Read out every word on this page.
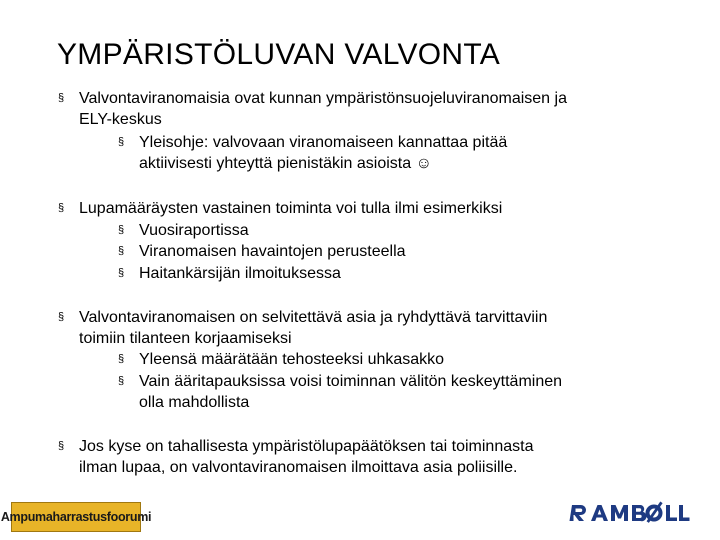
YMPÄRISTÖLUVAN VALVONTA
§ Valvontaviranomaisia ovat kunnan ympäristönsuojeluviranomaisen ja
ELY-keskus
§ Yleisohje: valvovaan viranomaiseen kannattaa pitää
aktiivisesti yhteyttä pienistäkin asioista ☺
§ Lupamääräysten vastainen toiminta voi tulla ilmi esimerkiksi
§ Vuosiraportissa
§ Viranomaisen havaintojen perusteella
§ Haitankärsijän ilmoituksessa
§ Valvontaviranomaisen on selvitettävä asia ja ryhdyttävä tarvittaviin
toimiin tilanteen korjaamiseksi
§ Yleensä määrätään tehosteeksi uhkasakko
§ Vain ääritapauksissa voisi toiminnan välitön keskeyttäminen
olla mahdollista
§ Jos kyse on tahallisesta ympäristölupapäätöksen tai toiminnasta
ilman lupaa, on valvontaviranomaisen ilmoittava asia poliisille.
Ampumaharrastusfoorumi
